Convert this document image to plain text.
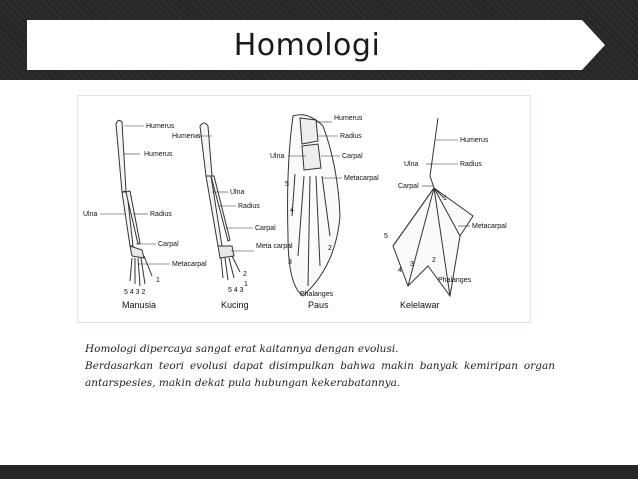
Homologi
Humerus
Humerus
Ulna	Radius
Carpal
Metacarpal
5 4 3 2
1
Manusia
Humerus
Ulna
Radius
Carpal
Meta carpal
5 4 3
2
1
Kucing
Humerus
Radius
Ulna	Carpal
Metacarpal
5
4
3
2
Phalanges
Paus
Humerus
Ulna	Radius
Carpal
Metacarpal
1
2
3
4
5
Phalanges
Kelelawar

Homologi dipercaya sangat erat kaitannya dengan evolusi.

Berdasarkan teori evolusi dapat disimpulkan bahwa makin banyak kemiripan organ antarspesies, makin dekat pula hubungan kekerabatannya.
